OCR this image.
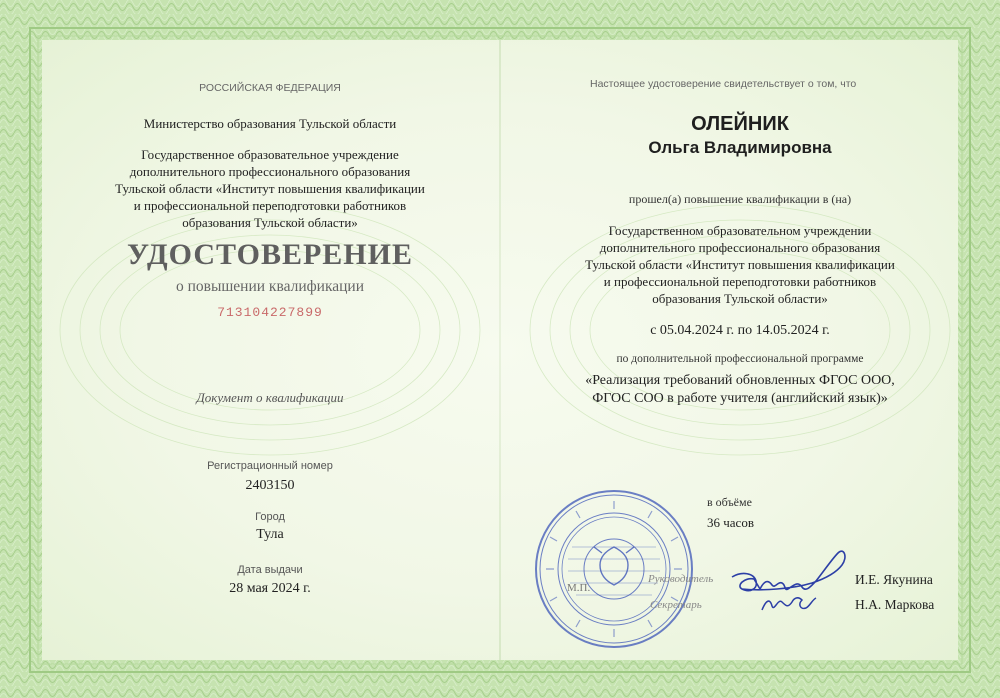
РОССИЙСКАЯ ФЕДЕРАЦИЯ
Министерство образования Тульской области
Государственное образовательное учреждение
дополнительного профессионального образования
Тульской области «Институт повышения квалификации
и профессиональной переподготовки работников
образования Тульской области»
УДОСТОВЕРЕНИЕ
о повышении квалификации
713104227899
Документ о квалификации
Регистрационный номер
2403150
Город
Тула
Дата выдачи
28 мая 2024 г.
Настоящее удостоверение свидетельствует о том, что
ОЛЕЙНИК
Ольга Владимировна
прошел(а) повышение квалификации в (на)
Государственном образовательном учреждении
дополнительного профессионального образования
Тульской области «Институт повышения квалификации
и профессиональной переподготовки работников
образования Тульской области»
с 05.04.2024 г. по 14.05.2024 г.
по дополнительной профессиональной программе
«Реализация требований обновленных ФГОС ООО,
ФГОС СОО в работе учителя (английский язык)»
в объёме
36 часов
М.П.
Руководитель
Секретарь
И.Е. Якунина
Н.А. Маркова
